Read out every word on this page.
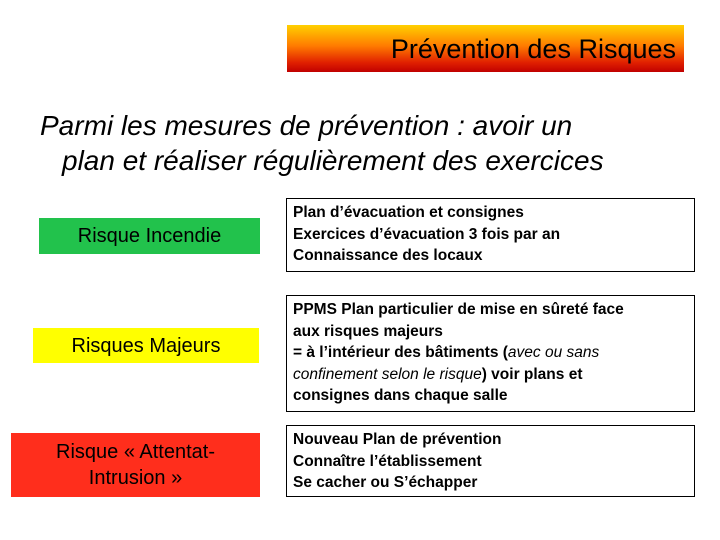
Prévention des Risques
Parmi les mesures de prévention : avoir un
plan et réaliser régulièrement des exercices
Risque Incendie
Plan d’évacuation et consignes
Exercices d’évacuation 3 fois par an
Connaissance des locaux
Risques Majeurs
PPMS Plan particulier de mise en sûreté face
aux risques majeurs
= à l’intérieur des bâtiments (avec ou sans
confinement selon le risque) voir plans et
consignes dans chaque salle
Risque « Attentat-
Intrusion »
Nouveau Plan de prévention
Connaître l’établissement
Se cacher ou S’échapper
